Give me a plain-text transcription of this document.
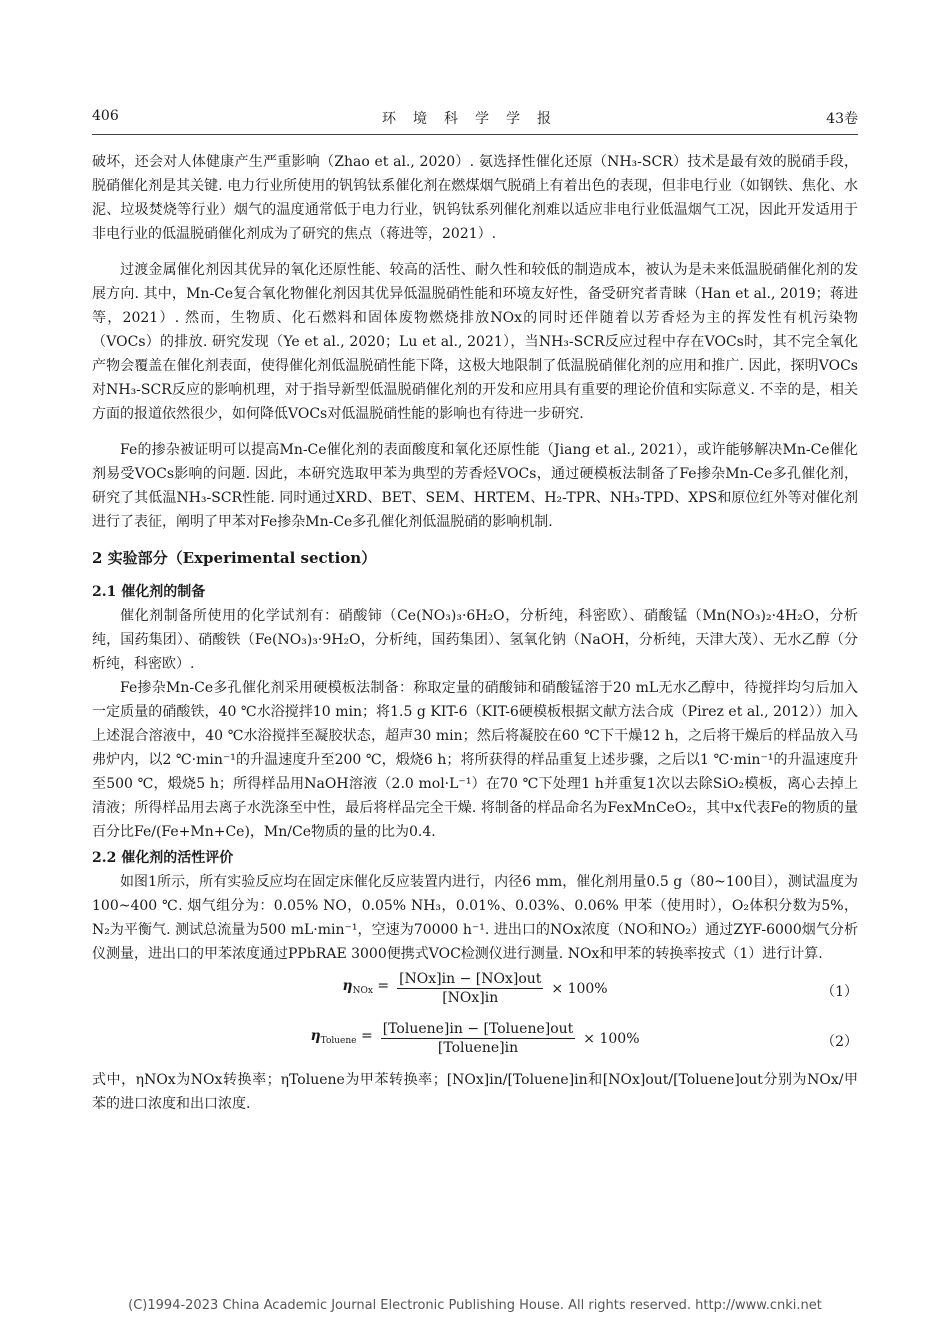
406	环境科学学报	43卷

破坏，还会对人体健康产生严重影响（Zhao et al., 2020）. 氨选择性催化还原（NH₃-SCR）技术是最有效的脱硝手段，脱硝催化剂是其关键. 电力行业所使用的钒钨钛系催化剂在燃煤烟气脱硝上有着出色的表现，但非电行业（如钢铁、焦化、水泥、垃圾焚烧等行业）烟气的温度通常低于电力行业，钒钨钛系列催化剂难以适应非电行业低温烟气工况，因此开发适用于非电行业的低温脱硝催化剂成为了研究的焦点（蒋进等，2021）.

过渡金属催化剂因其优异的氧化还原性能、较高的活性、耐久性和较低的制造成本，被认为是未来低温脱硝催化剂的发展方向. 其中，Mn-Ce复合氧化物催化剂因其优异低温脱硝性能和环境友好性，备受研究者青睐（Han et al., 2019；蒋进等，2021）. 然而，生物质、化石燃料和固体废物燃烧排放NOx的同时还伴随着以芳香烃为主的挥发性有机污染物（VOCs）的排放. 研究发现（Ye et al., 2020；Lu et al., 2021），当NH₃-SCR反应过程中存在VOCs时，其不完全氧化产物会覆盖在催化剂表面，使得催化剂低温脱硝性能下降，这极大地限制了低温脱硝催化剂的应用和推广. 因此，探明VOCs对NH₃-SCR反应的影响机理，对于指导新型低温脱硝催化剂的开发和应用具有重要的理论价值和实际意义. 不幸的是，相关方面的报道依然很少，如何降低VOCs对低温脱硝性能的影响也有待进一步研究.

Fe的掺杂被证明可以提高Mn-Ce催化剂的表面酸度和氧化还原性能（Jiang et al., 2021），或许能够解决Mn-Ce催化剂易受VOCs影响的问题. 因此，本研究选取甲苯为典型的芳香烃VOCs，通过硬模板法制备了Fe掺杂Mn-Ce多孔催化剂，研究了其低温NH₃-SCR性能. 同时通过XRD、BET、SEM、HRTEM、H₂-TPR、NH₃-TPD、XPS和原位红外等对催化剂进行了表征，阐明了甲苯对Fe掺杂Mn-Ce多孔催化剂低温脱硝的影响机制.

2 实验部分（Experimental section）
2.1 催化剂的制备

催化剂制备所使用的化学试剂有：硝酸铈（Ce(NO₃)₃·6H₂O，分析纯，科密欧）、硝酸锰（Mn(NO₃)₂·4H₂O，分析纯，国药集团）、硝酸铁（Fe(NO₃)₃·9H₂O，分析纯，国药集团）、氢氧化钠（NaOH，分析纯，天津大茂）、无水乙醇（分析纯，科密欧）.

Fe掺杂Mn-Ce多孔催化剂采用硬模板法制备：称取定量的硝酸铈和硝酸锰溶于20 mL无水乙醇中，待搅拌均匀后加入一定质量的硝酸铁，40 ℃水浴搅拌10 min；将1.5 g KIT-6（KIT-6硬模板根据文献方法合成（Pirez et al., 2012））加入上述混合溶液中，40 ℃水浴搅拌至凝胶状态，超声30 min；然后将凝胶在60 ℃下干燥12 h，之后将干燥后的样品放入马弗炉内，以2 ℃·min⁻¹的升温速度升至200 ℃，煅烧6 h；将所获得的样品重复上述步骤，之后以1 ℃·min⁻¹的升温速度升至500 ℃，煅烧5 h；所得样品用NaOH溶液（2.0 mol·L⁻¹）在70 ℃下处理1 h并重复1次以去除SiO₂模板，离心去掉上清液；所得样品用去离子水洗涤至中性，最后将样品完全干燥. 将制备的样品命名为FexMnCeO₂，其中x代表Fe的物质的量百分比Fe/(Fe+Mn+Ce)，Mn/Ce物质的量的比为0.4.

2.2 催化剂的活性评价

如图1所示，所有实验反应均在固定床催化反应装置内进行，内径6 mm，催化剂用量0.5 g（80~100目），测试温度为100~400 ℃. 烟气组分为：0.05% NO，0.05% NH₃，0.01%、0.03%、0.06% 甲苯（使用时），O₂体积分数为5%，N₂为平衡气. 测试总流量为500 mL·min⁻¹，空速为70000 h⁻¹. 进出口的NOx浓度（NO和NO₂）通过ZYF-6000烟气分析仪测量，进出口的甲苯浓度通过PPbRAE 3000便携式VOC检测仪进行测量. NOx和甲苯的转换率按式（1）进行计算.

$\eta_{NOx}$ =	[NOx]in − [NOx]out
[NOx]in
	× 100%	（1）
$\eta_{Toluene}$ =	[Toluene]in − [Toluene]out
[Toluene]in
	× 100%	（2）

式中，ηNOx为NOx转换率；ηToluene为甲苯转换率；[NOx]in/[Toluene]in和[NOx]out/[Toluene]out分别为NOx/甲苯的进口浓度和出口浓度.

(C)1994-2023 China Academic Journal Electronic Publishing House. All rights reserved. http://www.cnki.net
